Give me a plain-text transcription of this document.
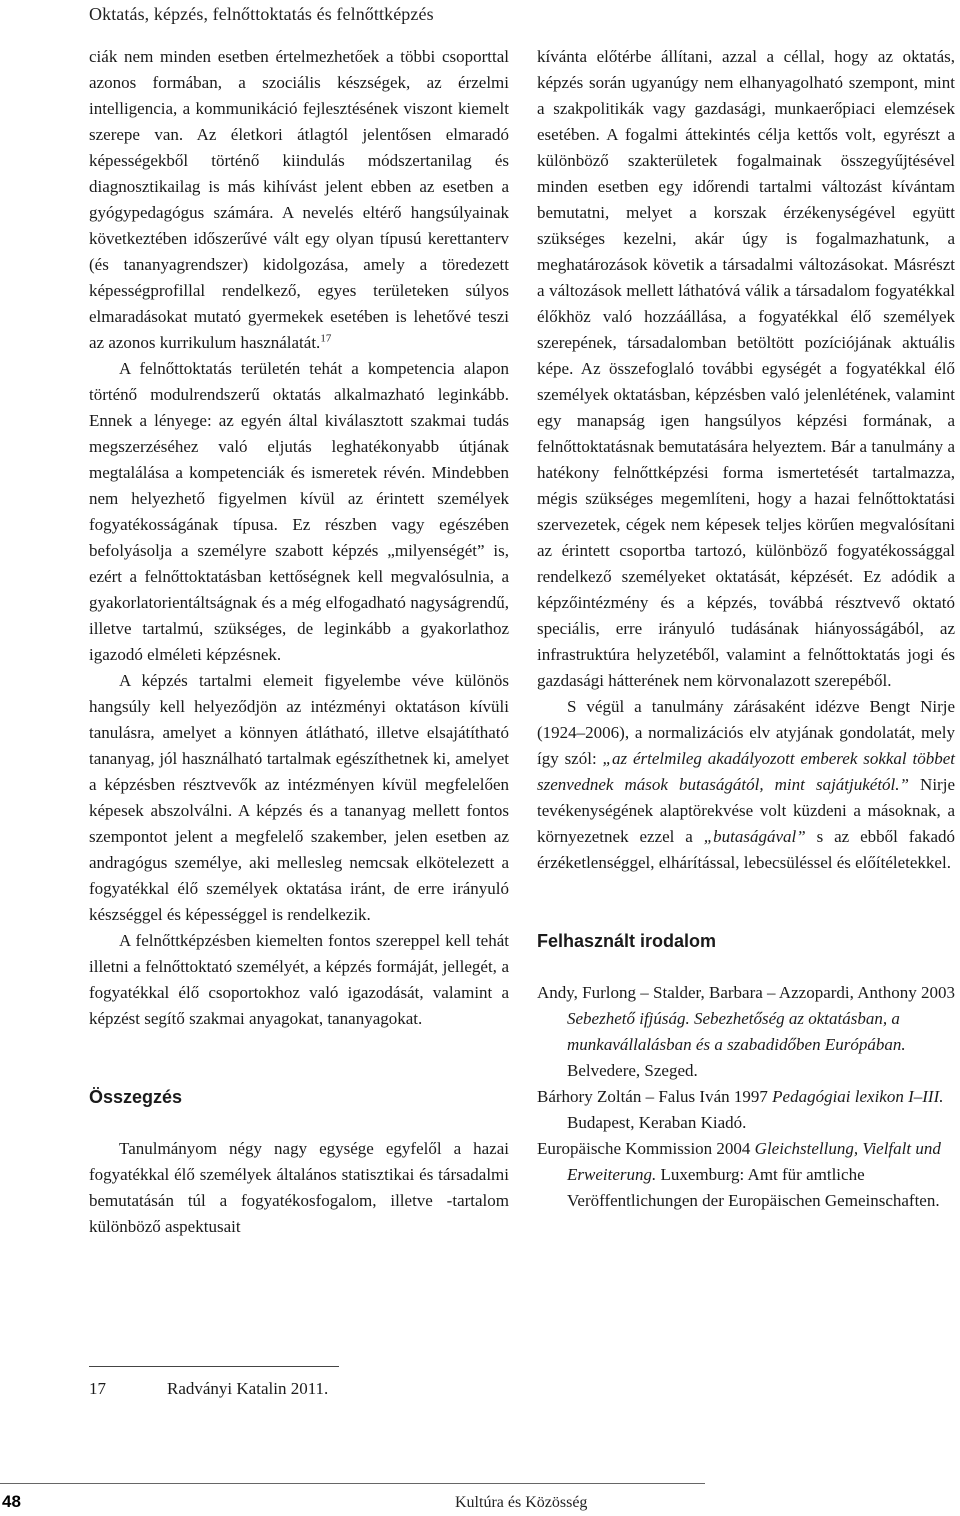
Oktatás, képzés, felnőttoktatás és felnőttképzés

ciák nem minden esetben értelmezhetőek a többi csoporttal azonos formában, a szociális készségek, az érzelmi intelligencia, a kommunikáció fejlesztésének viszont kiemelt szerepe van. Az életkori átlagtól jelentősen elmaradó képességekből történő kiindulás módszertanilag és diagnosztikailag is más kihívást jelent ebben az esetben a gyógypedagógus számára. A nevelés eltérő hangsúlyainak következtében időszerűvé vált egy olyan típusú kerettanterv (és tananyagrendszer) kidolgozása, amely a töredezett képességprofillal rendelkező, egyes területeken súlyos elmaradásokat mutató gyermekek esetében is lehetővé teszi az azonos kurrikulum használatát.$^{17}$

A felnőttoktatás területén tehát a kompetencia alapon történő modulrendszerű oktatás alkalmazható leginkább. Ennek a lényege: az egyén által kiválasztott szakmai tudás megszerzéséhez való eljutás leghatékonyabb útjának megtalálása a kompetenciák és ismeretek révén. Mindebben nem helyezhető figyelmen kívül az érintett személyek fogyatékosságának típusa. Ez részben vagy egészében befolyásolja a személyre szabott képzés „milyenségét” is, ezért a felnőttoktatásban kettőségnek kell megvalósulnia, a gyakorlatorientáltságnak és a még elfogadható nagyságrendű, illetve tartalmú, szükséges, de leginkább a gyakorlathoz igazodó elméleti képzésnek.

A képzés tartalmi elemeit figyelembe véve különös hangsúly kell helyeződjön az intézményi oktatáson kívüli tanulásra, amelyet a könnyen átlátható, illetve elsajátítható tananyag, jól használható tartalmak egészíthetnek ki, amelyet a képzésben résztvevők az intézményen kívül megfelelően képesek abszolválni. A képzés és a tananyag mellett fontos szempontot jelent a megfelelő szakember, jelen esetben az andragógus személye, aki mellesleg nemcsak elkötelezett a fogyatékkal élő személyek oktatása iránt, de erre irányuló készséggel és képességgel is rendelkezik.

A felnőttképzésben kiemelten fontos szereppel kell tehát illetni a felnőttoktató személyét, a képzés formáját, jellegét, a fogyatékkal élő csoportokhoz való igazodását, valamint a képzést segítő szakmai anyagokat, tananyagokat.

Összegzés

Tanulmányom négy nagy egysége egyfelől a hazai fogyatékkal élő személyek általános statisztikai és társadalmi bemutatásán túl a fogyatékosfogalom, illetve -tartalom különböző aspektusait

kívánta előtérbe állítani, azzal a céllal, hogy az oktatás, képzés során ugyanúgy nem elhanyagolható szempont, mint a szakpolitikák vagy gazdasági, munkaerőpiaci elemzések esetében. A fogalmi áttekintés célja kettős volt, egyrészt a különböző szakterületek fogalmainak összegyűjtésével minden esetben egy időrendi tartalmi változást kívántam bemutatni, melyet a korszak érzékenységével együtt szükséges kezelni, akár úgy is fogalmazhatunk, a meghatározások követik a társadalmi változásokat. Másrészt a változások mellett láthatóvá válik a társadalom fogyatékkal élőkhöz való hozzáállása, a fogyatékkal élő személyek szerepének, társadalomban betöltött pozíciójának aktuális képe. Az összefoglaló további egységét a fogyatékkal élő személyek oktatásban, képzésben való jelenlétének, valamint egy manapság igen hangsúlyos képzési formának, a felnőttoktatásnak bemutatására helyeztem. Bár a tanulmány a hatékony felnőttképzési forma ismertetését tartalmazza, mégis szükséges megemlíteni, hogy a hazai felnőttoktatási szervezetek, cégek nem képesek teljes körűen megvalósítani az érintett csoportba tartozó, különböző fogyatékossággal rendelkező személyeket oktatását, képzését. Ez adódik a képzőintézmény és a képzés, továbbá résztvevő oktató speciális, erre irányuló tudásának hiányosságából, az infrastruktúra helyzetéből, valamint a felnőttoktatás jogi és gazdasági hátterének nem körvonalazott szerepéből.

S végül a tanulmány zárásaként idézve Bengt Nirje (1924–2006), a normalizációs elv atyjának gondolatát, mely így szól: „az értelmileg akadályozott emberek sokkal többet szenvednek mások butaságától, mint sajátjukétól.” Nirje tevékenységének alaptörekvése volt küzdeni a másoknak, a környezetnek ezzel a „butaságával” s az ebből fakadó érzéketlenséggel, elhárítással, lebecsüléssel és előítéletekkel.

Felhasznált irodalom

Andy, Furlong – Stalder, Barbara – Azzopardi, Anthony 2003 Sebezhető ifjúság. Sebezhetőség az oktatásban, a munkavállalásban és a szabadidőben Európában. Belvedere, Szeged.

Bárhory Zoltán – Falus Iván 1997 Pedagógiai lexikon I–III. Budapest, Keraban Kiadó.

Europäische Kommission 2004 Gleichstellung, Vielfalt und Erweiterung. Luxemburg: Amt für amtliche Veröffentlichungen der Europäischen Gemeinschaften.

17	Radványi Katalin 2011.
48	Kultúra és Közösség
